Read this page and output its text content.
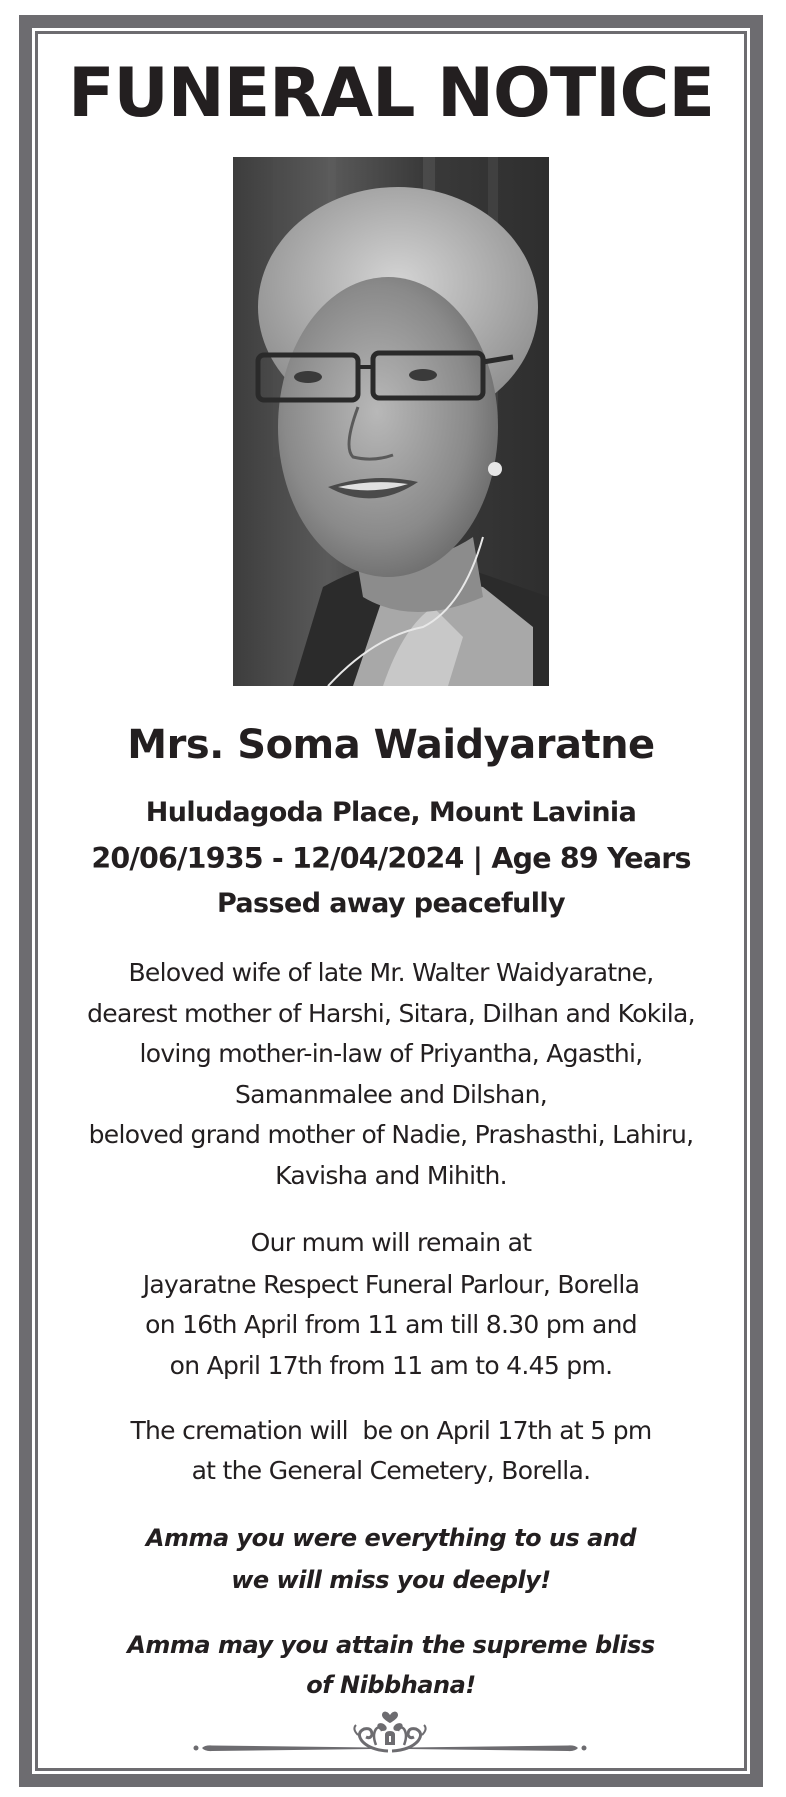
FUNERAL NOTICE
Mrs. Soma Waidyaratne
Huludagoda Place, Mount Lavinia
20/06/1935 - 12/04/2024 | Age 89 Years
Passed away peacefully
Beloved wife of late Mr. Walter Waidyaratne,
dearest mother of Harshi, Sitara, Dilhan and Kokila,
loving mother-in-law of Priyantha, Agasthi,
Samanmalee and Dilshan,
beloved grand mother of Nadie, Prashasthi, Lahiru,
Kavisha and Mihith.
Our mum will remain at
Jayaratne Respect Funeral Parlour, Borella
on 16th April from 11 am till 8.30 pm and
on April 17th from 11 am to 4.45 pm.
The cremation will  be on April 17th at 5 pm
at the General Cemetery, Borella.
Amma you were everything to us and
we will miss you deeply!
Amma may you attain the supreme bliss
of Nibbhana!
